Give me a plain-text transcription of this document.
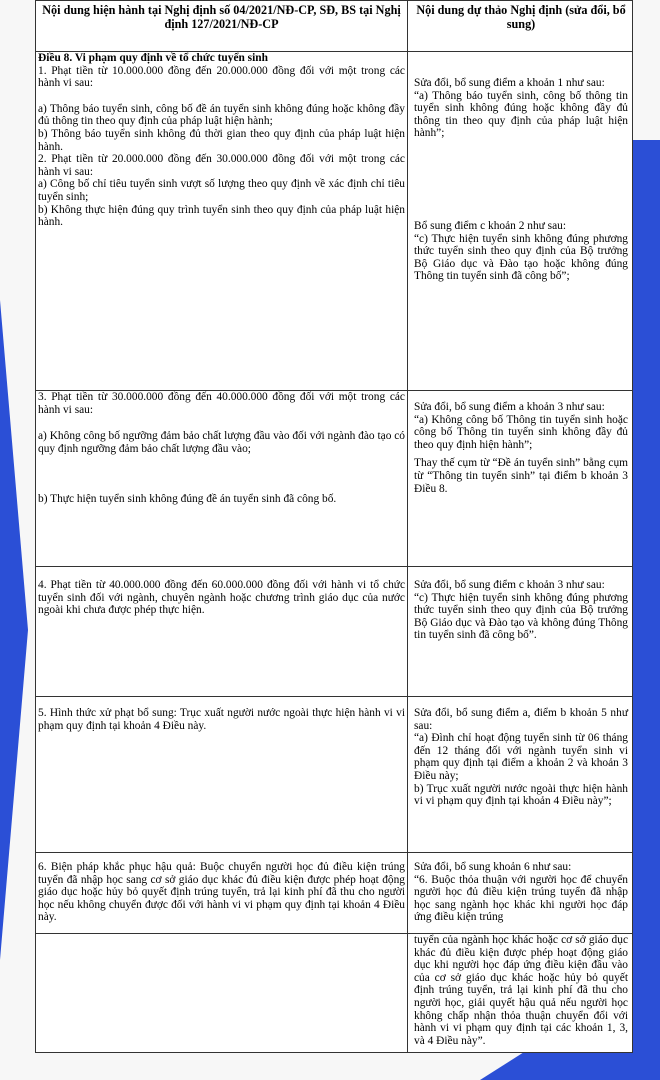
Nội dung hiện hành tại Nghị định số 04/2021/NĐ-CP, SĐ, BS tại Nghị định 127/2021/NĐ-CP
Nội dung dự thảo Nghị định (sửa đổi, bổ sung)

Điều 8. Vi phạm quy định về tổ chức tuyển sinh

1. Phạt tiền từ 10.000.000 đồng đến 20.000.000 đồng đối với một trong các hành vi sau:

a) Thông báo tuyển sinh, công bố đề án tuyển sinh không đúng hoặc không đầy đủ thông tin theo quy định của pháp luật hiện hành;

b) Thông báo tuyển sinh không đủ thời gian theo quy định của pháp luật hiện hành.

2. Phạt tiền từ 20.000.000 đồng đến 30.000.000 đồng đối với một trong các hành vi sau:

a) Công bố chỉ tiêu tuyển sinh vượt số lượng theo quy định về xác định chỉ tiêu tuyển sinh;

b) Không thực hiện đúng quy trình tuyển sinh theo quy định của pháp luật hiện hành.

Sửa đổi, bổ sung điểm a khoản 1 như sau:

“a) Thông báo tuyển sinh, công bố thông tin tuyển sinh không đúng hoặc không đầy đủ thông tin theo quy định của pháp luật hiện hành”;

Bổ sung điểm c khoản 2 như sau:

“c) Thực hiện tuyển sinh không đúng phương thức tuyển sinh theo quy định của Bộ trưởng Bộ Giáo dục và Đào tạo hoặc không đúng Thông tin tuyển sinh đã công bố”;

3. Phạt tiền từ 30.000.000 đồng đến 40.000.000 đồng đối với một trong các hành vi sau:

a) Không công bố ngưỡng đảm bảo chất lượng đầu vào đối với ngành đào tạo có quy định ngưỡng đảm bảo chất lượng đầu vào;

b) Thực hiện tuyển sinh không đúng đề án tuyển sinh đã công bố.

Sửa đổi, bổ sung điểm a khoản 3 như sau:

“a) Không công bố Thông tin tuyển sinh hoặc công bố Thông tin tuyển sinh không đầy đủ theo quy định hiện hành”;

Thay thế cụm từ “Đề án tuyển sinh” bằng cụm từ “Thông tin tuyển sinh” tại điểm b khoản 3 Điều 8.

4. Phạt tiền từ 40.000.000 đồng đến 60.000.000 đồng đối với hành vi tổ chức tuyển sinh đối với ngành, chuyên ngành hoặc chương trình giáo dục của nước ngoài khi chưa được phép thực hiện.

Sửa đổi, bổ sung điểm c khoản 3 như sau:

“c) Thực hiện tuyển sinh không đúng phương thức tuyển sinh theo quy định của Bộ trưởng Bộ Giáo dục và Đào tạo và không đúng Thông tin tuyển sinh đã công bố”.

5. Hình thức xử phạt bổ sung: Trục xuất người nước ngoài thực hiện hành vi vi phạm quy định tại khoản 4 Điều này.

Sửa đổi, bổ sung điểm a, điểm b khoản 5 như sau:

“a) Đình chỉ hoạt động tuyển sinh từ 06 tháng đến 12 tháng đối với ngành tuyển sinh vi phạm quy định tại điểm a khoản 2 và khoản 3 Điều này;

b) Trục xuất người nước ngoài thực hiện hành vi vi phạm quy định tại khoản 4 Điều này”;

6. Biện pháp khắc phục hậu quả: Buộc chuyển người học đủ điều kiện trúng tuyển đã nhập học sang cơ sở giáo dục khác đủ điều kiện được phép hoạt động giáo dục hoặc hủy bỏ quyết định trúng tuyển, trả lại kinh phí đã thu cho người học nếu không chuyển được đối với hành vi vi phạm quy định tại khoản 4 Điều này.

Sửa đổi, bổ sung khoản 6 như sau:

“6. Buộc thỏa thuận với người học để chuyển người học đủ điều kiện trúng tuyển đã nhập học sang ngành học khác khi người học đáp ứng điều kiện trúng

tuyển của ngành học khác hoặc cơ sở giáo dục khác đủ điều kiện được phép hoạt động giáo dục khi người học đáp ứng điều kiện đầu vào của cơ sở giáo dục khác hoặc hủy bỏ quyết định trúng tuyển, trả lại kinh phí đã thu cho người học, giải quyết hậu quả nếu người học không chấp nhận thỏa thuận chuyển đổi với hành vi vi phạm quy định tại các khoản 1, 3, và 4 Điều này”.
